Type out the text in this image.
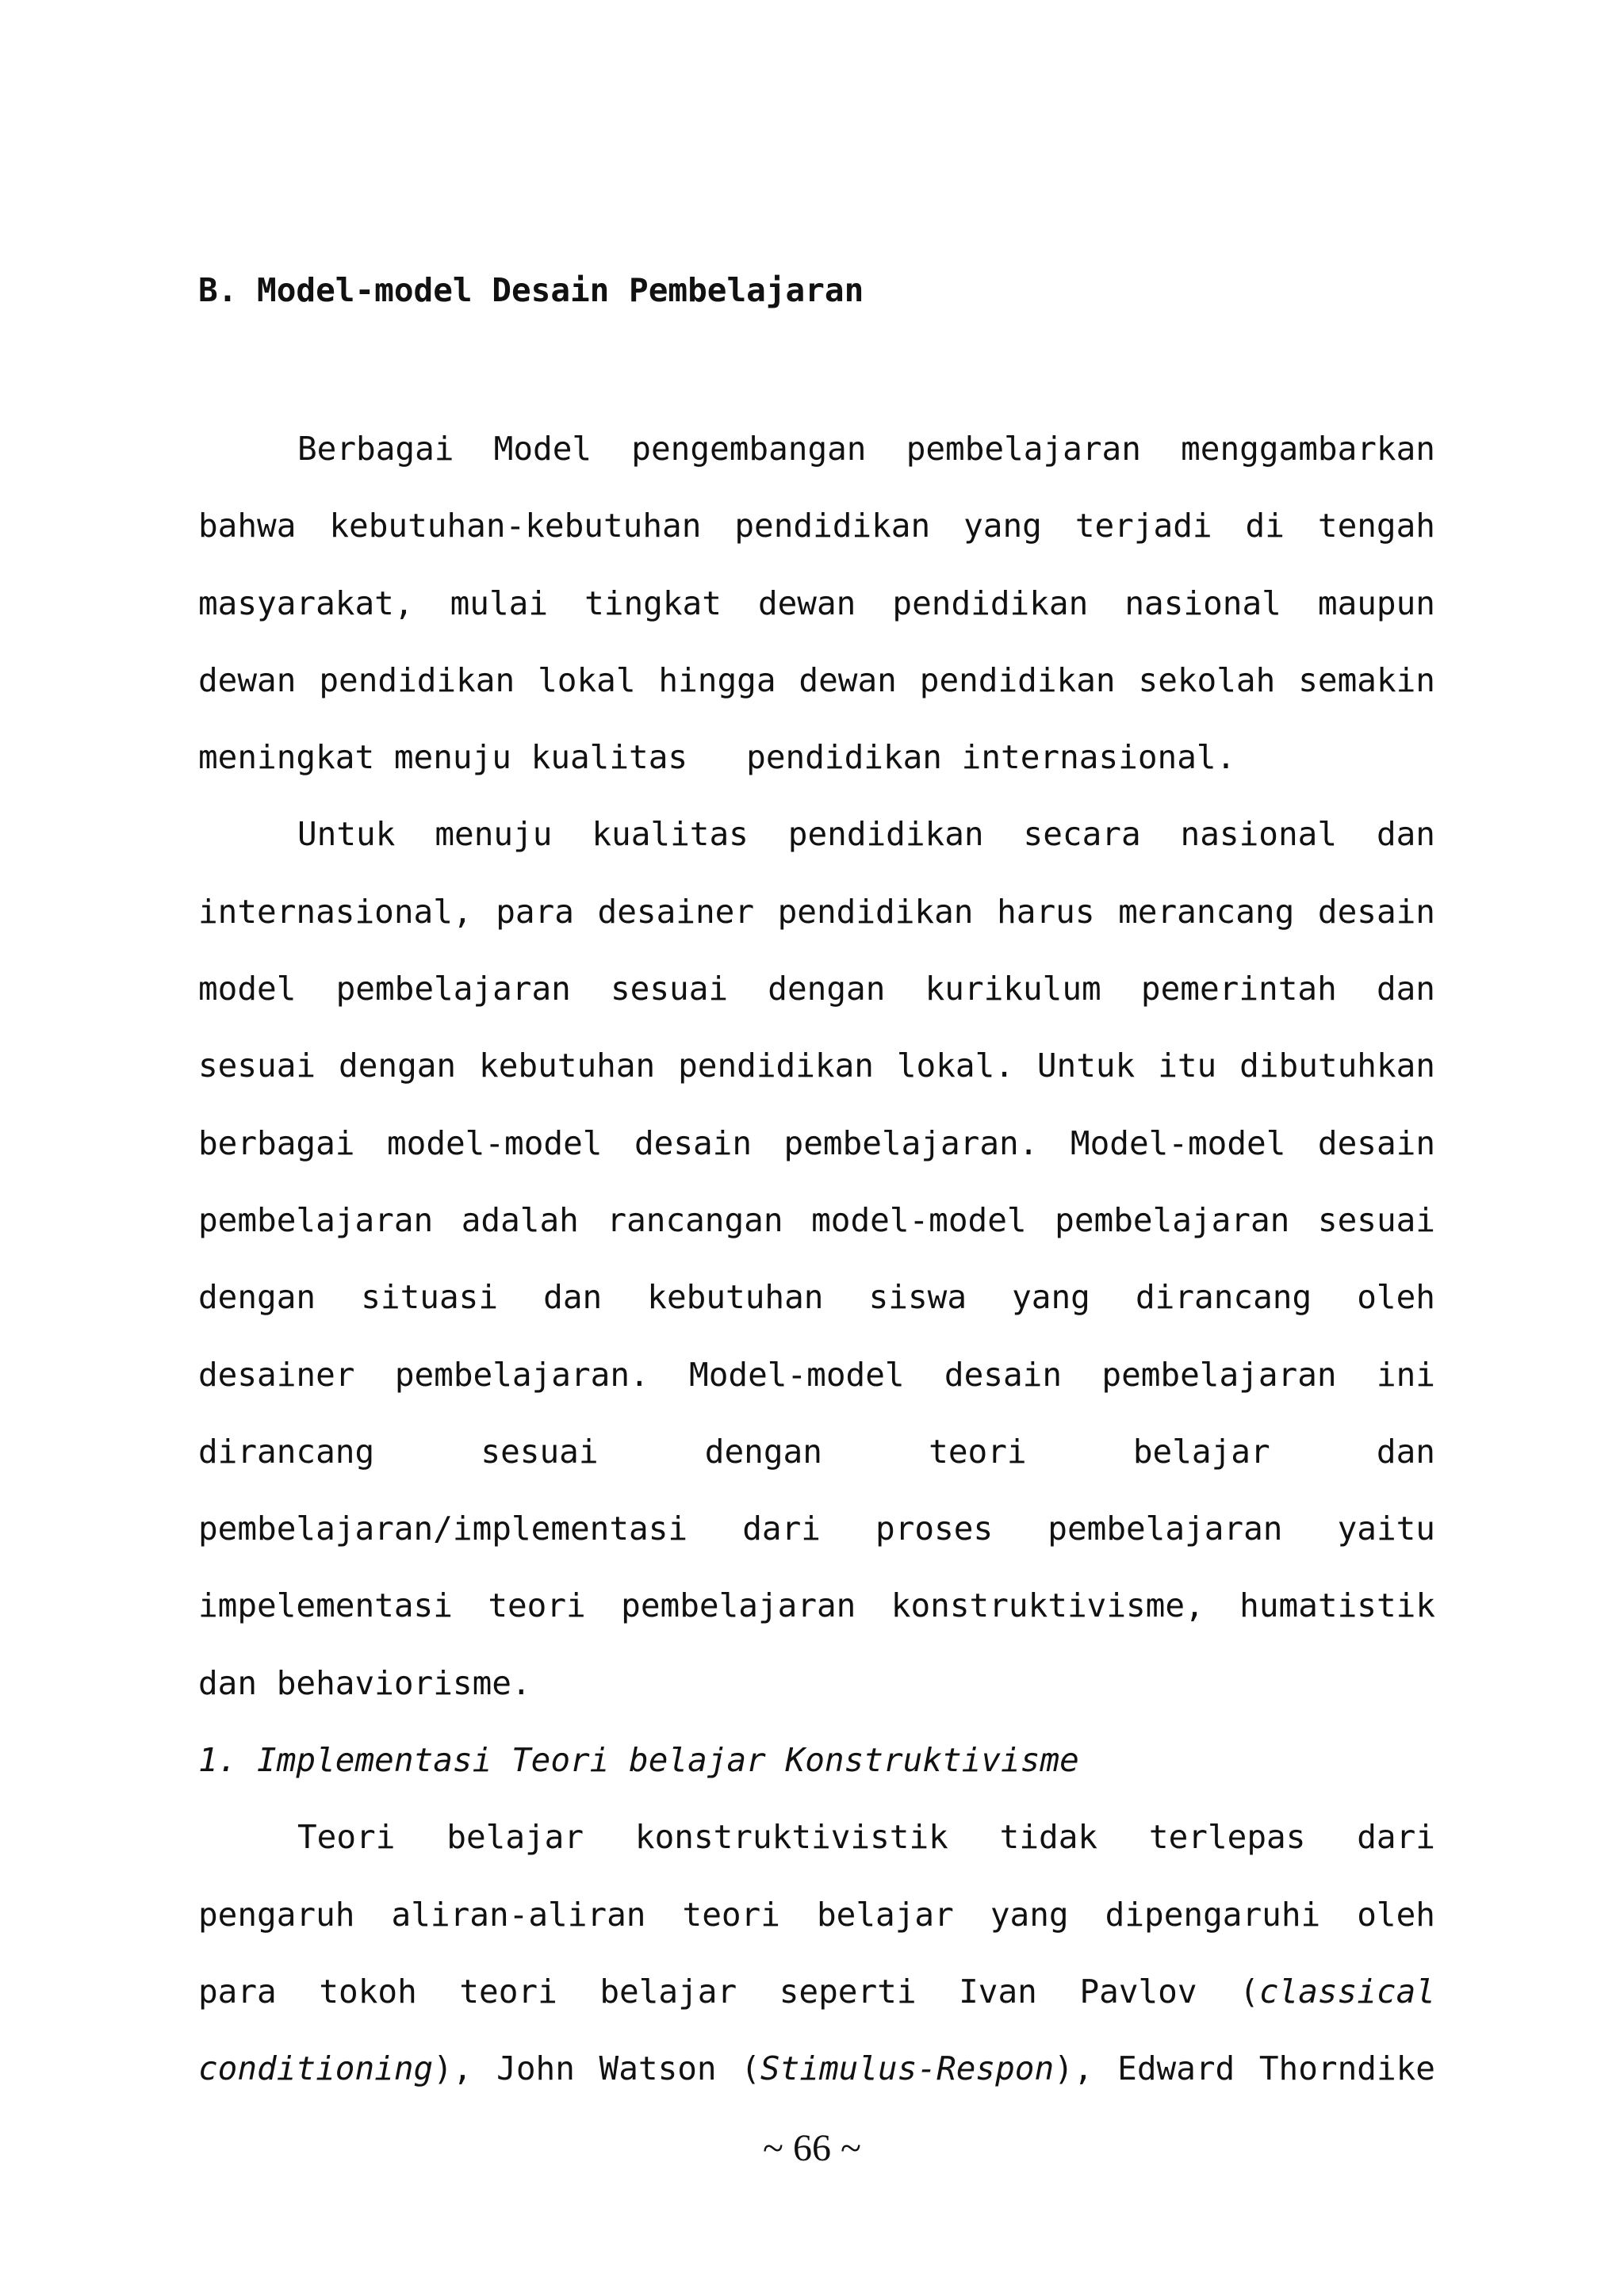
B. Model-model Desain Pembelajaran
Berbagai Model pengembangan pembelajaran menggambarkan
bahwa kebutuhan-kebutuhan pendidikan yang terjadi di tengah
masyarakat, mulai tingkat dewan pendidikan nasional maupun
dewan pendidikan lokal hingga dewan pendidikan sekolah semakin
meningkat menuju kualitas   pendidikan internasional.
Untuk menuju kualitas pendidikan secara nasional dan
internasional, para desainer pendidikan harus merancang desain
model pembelajaran sesuai dengan kurikulum pemerintah dan
sesuai dengan kebutuhan pendidikan lokal. Untuk itu dibutuhkan
berbagai model-model desain pembelajaran. Model-model desain
pembelajaran adalah rancangan model-model pembelajaran sesuai
dengan situasi dan kebutuhan siswa yang dirancang oleh
desainer pembelajaran. Model-model desain pembelajaran ini
dirancang sesuai dengan teori belajar dan
pembelajaran/implementasi dari proses pembelajaran yaitu
impelementasi teori pembelajaran konstruktivisme, humatistik
dan behaviorisme.
1. Implementasi Teori belajar Konstruktivisme
Teori belajar konstruktivistik tidak terlepas dari
pengaruh aliran-aliran teori belajar yang dipengaruhi oleh
para tokoh teori belajar seperti Ivan Pavlov (classical
conditioning), John Watson (Stimulus-Respon), Edward Thorndike
~ 66 ~
